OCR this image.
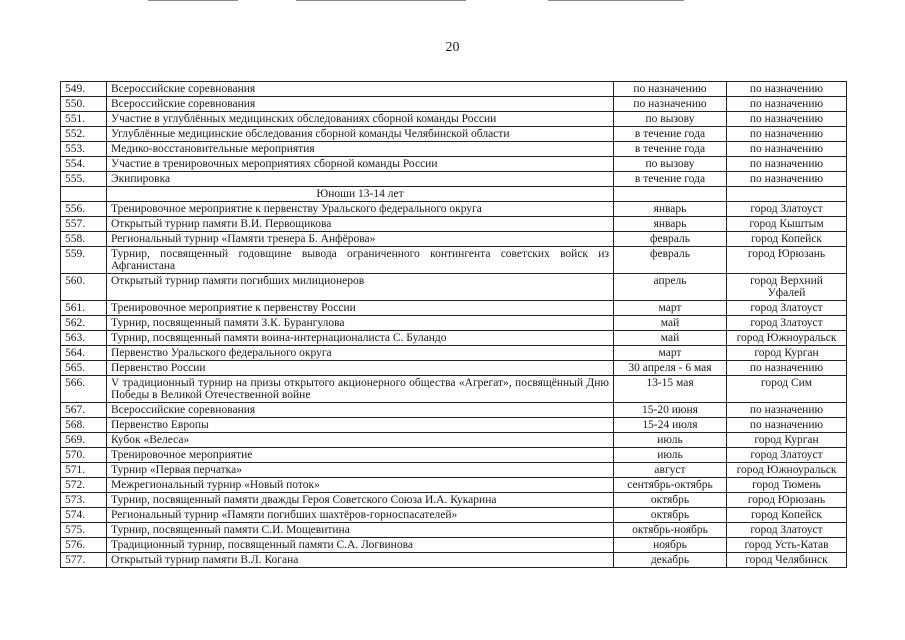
20
549.	Всероссийские соревнования	по назначению	по назначению
550.	Всероссийские соревнования	по назначению	по назначению
551.	Участие в углублённых медицинских обследованиях сборной команды России	по вызову	по назначению
552.	Углублённые медицинские обследования сборной команды Челябинской области	в течение года	по назначению
553.	Медико-восстановительные мероприятия	в течение года	по назначению
554.	Участие в тренировочных мероприятиях сборной команды России	по вызову	по назначению
555.	Экипировка	в течение года	по назначению
	Юноши 13-14 лет		
556.	Тренировочное мероприятие к первенству Уральского федерального округа	январь	город Златоуст
557.	Открытый турнир памяти В.И. Первощикова	январь	город Кыштым
558.	Региональный турнир «Памяти тренера Б. Анфёрова»	февраль	город Копейск
559.	Турнир, посвященный годовщине вывода ограниченного контингента советских войск из Афганистана	февраль	город Юрюзань
560.	Открытый турнир памяти погибших милиционеров	апрель	город Верхний Уфалей
561.	Тренировочное мероприятие к первенству России	март	город Златоуст
562.	Турнир, посвященный памяти З.К. Бурангулова	май	город Златоуст
563.	Турнир, посвященный памяти воина-интернационалиста С. Буландо	май	город Южноуральск
564.	Первенство Уральского федерального округа	март	город Курган
565.	Первенство России	30 апреля - 6 мая	по назначению
566.	V традиционный турнир на призы открытого акционерного общества «Агрегат», посвящённый Дню Победы в Великой Отечественной войне	13-15 мая	город Сим
567.	Всероссийские соревнования	15-20 июня	по назначению
568.	Первенство Европы	15-24 июля	по назначению
569.	Кубок «Велеса»	июль	город Курган
570.	Тренировочное мероприятие	июль	город Златоуст
571.	Турнир «Первая перчатка»	август	город Южноуральск
572.	Межрегиональный турнир «Новый поток»	сентябрь-октябрь	город Тюмень
573.	Турнир, посвященный памяти дважды Героя Советского Союза И.А. Кукарина	октябрь	город Юрюзань
574.	Региональный турнир «Памяти погибших шахтёров-горноспасателей»	октябрь	город Копейск
575.	Турнир, посвященный памяти С.И. Мощевитина	октябрь-ноябрь	город Златоуст
576.	Традиционный турнир, посвященный памяти С.А. Логвинова	ноябрь	город Усть-Катав
577.	Открытый турнир памяти В.Л. Когана	декабрь	город Челябинск
